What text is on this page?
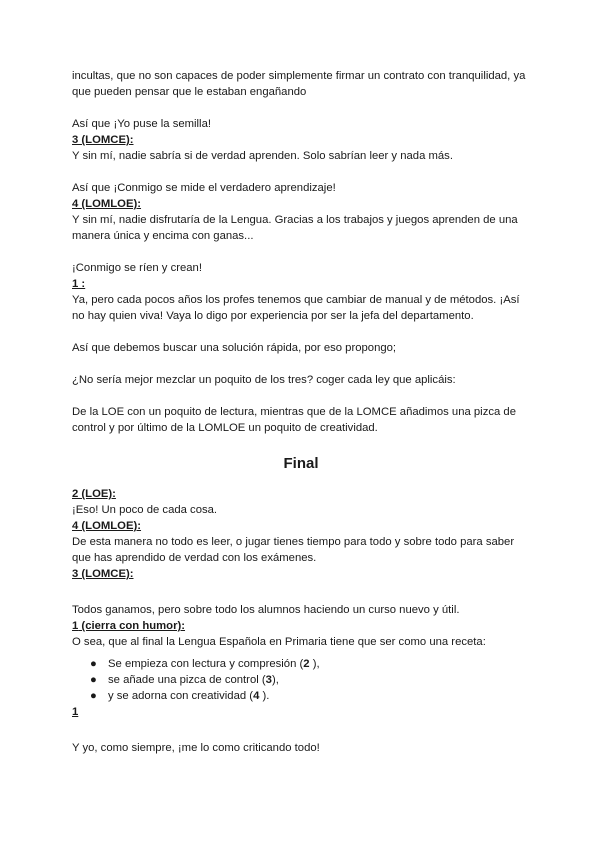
incultas, que no son capaces de poder simplemente firmar un contrato con tranquilidad, ya que pueden pensar que le estaban engañando

Así que ¡Yo puse la semilla!

3 (LOMCE):

Y sin mí, nadie sabría si de verdad aprenden. Solo sabrían leer y nada más.

Así que ¡Conmigo se mide el verdadero aprendizaje!

4 (LOMLOE):

Y sin mí, nadie disfrutaría de la Lengua. Gracias a los trabajos y juegos aprenden de una manera única y encima con ganas...

¡Conmigo se ríen y crean!

1 :

Ya, pero cada pocos años los profes tenemos que cambiar de manual y de métodos. ¡Así no hay quien viva! Vaya lo digo por experiencia por ser la jefa del departamento.

Así que debemos buscar una solución rápida, por eso propongo;

¿No sería mejor mezclar un poquito de los tres? coger cada ley que aplicáis:

De la LOE con un poquito de lectura, mientras que de la LOMCE añadimos una pizca de control y por último de la LOMLOE un poquito de creatividad.

Final

2 (LOE):

¡Eso! Un poco de cada cosa.

4 (LOMLOE):

De esta manera no todo es leer, o jugar tienes tiempo para todo y sobre todo para saber que has aprendido de verdad con los exámenes.

3 (LOMCE):

Todos ganamos, pero sobre todo los alumnos haciendo un curso nuevo y útil.

1 (cierra con humor):

O sea, que al final la Lengua Española en Primaria tiene que ser como una receta:

● Se empieza con lectura y compresión (2 ),
● se añade una pizca de control (3),
● y se adorna con creatividad (4 ).

1

Y yo, como siempre, ¡me lo como criticando todo!
